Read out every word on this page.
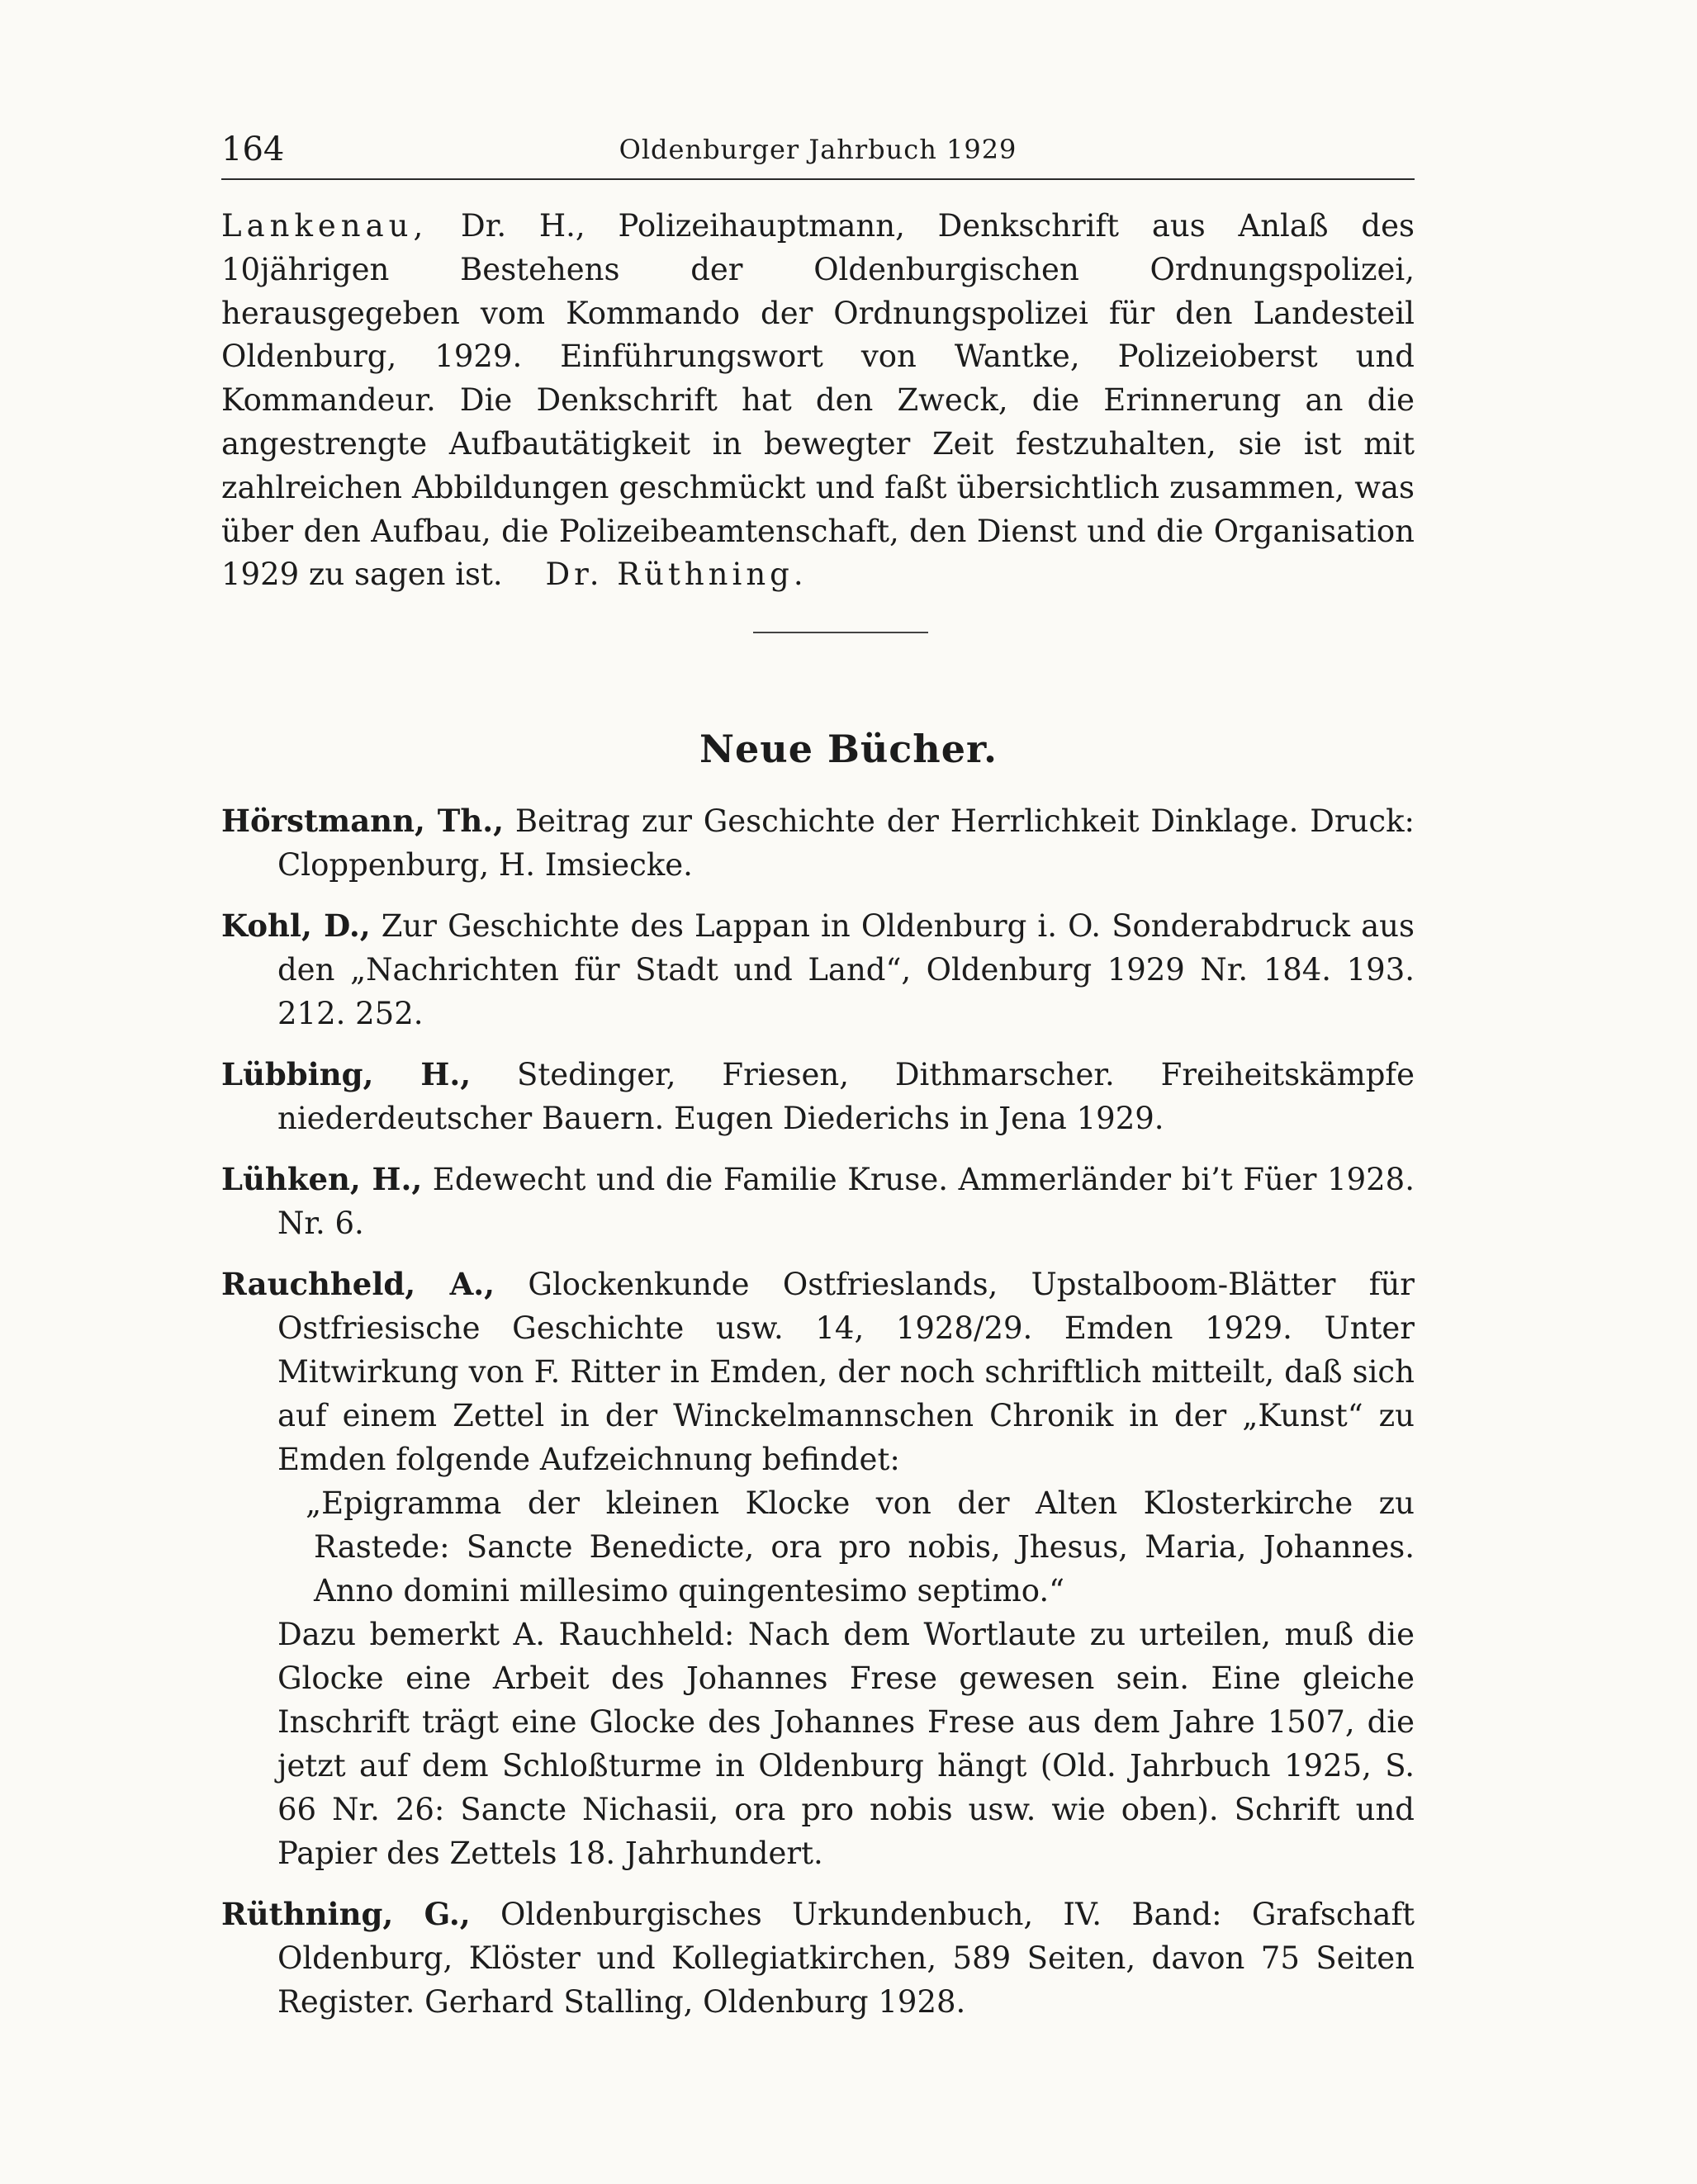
164	Oldenburger Jahrbuch 1929

Lankenau, Dr. H., Polizeihauptmann, Denkschrift aus Anlaß des 10jährigen Bestehens der Oldenburgischen Ordnungspolizei, herausgegeben vom Kommando der Ordnungspolizei für den Landesteil Oldenburg, 1929. Einführungswort von Wantke, Polizeioberst und Kommandeur. Die Denkschrift hat den Zweck, die Erinnerung an die angestrengte Aufbautätigkeit in bewegter Zeit festzuhalten, sie ist mit zahlreichen Abbildungen geschmückt und faßt übersichtlich zusammen, was über den Aufbau, die Polizeibeamtenschaft, den Dienst und die Organisation 1929 zu sagen ist. Dr. Rüthning.

Neue Bücher.

Hörstmann, Th., Beitrag zur Geschichte der Herrlichkeit Dinklage. Druck: Cloppenburg, H. Imsiecke.

Kohl, D., Zur Geschichte des Lappan in Oldenburg i. O. Sonderabdruck aus den „Nachrichten für Stadt und Land“, Oldenburg 1929 Nr. 184. 193. 212. 252.

Lübbing, H., Stedinger, Friesen, Dithmarscher. Freiheitskämpfe niederdeutscher Bauern. Eugen Diederichs in Jena 1929.

Lühken, H., Edewecht und die Familie Kruse. Ammerländer bi’t Füer 1928. Nr. 6.

Rauchheld, A., Glockenkunde Ostfrieslands, Upstalboom-Blätter für Ostfriesische Geschichte usw. 14, 1928/29. Emden 1929. Unter Mitwirkung von F. Ritter in Emden, der noch schriftlich mitteilt, daß sich auf einem Zettel in der Winckelmannschen Chronik in der „Kunst“ zu Emden folgende Aufzeichnung befindet:

„Epigramma der kleinen Klocke von der Alten Klosterkirche zu Rastede: Sancte Benedicte, ora pro nobis, Jhesus, Maria, Johannes. Anno domini millesimo quingentesimo septimo.“

Dazu bemerkt A. Rauchheld: Nach dem Wortlaute zu urteilen, muß die Glocke eine Arbeit des Johannes Frese gewesen sein. Eine gleiche Inschrift trägt eine Glocke des Johannes Frese aus dem Jahre 1507, die jetzt auf dem Schloßturme in Oldenburg hängt (Old. Jahrbuch 1925, S. 66 Nr. 26: Sancte Nichasii, ora pro nobis usw. wie oben). Schrift und Papier des Zettels 18. Jahrhundert.

Rüthning, G., Oldenburgisches Urkundenbuch, IV. Band: Grafschaft Oldenburg, Klöster und Kollegiatkirchen, 589 Seiten, davon 75 Seiten Register. Gerhard Stalling, Oldenburg 1928.
